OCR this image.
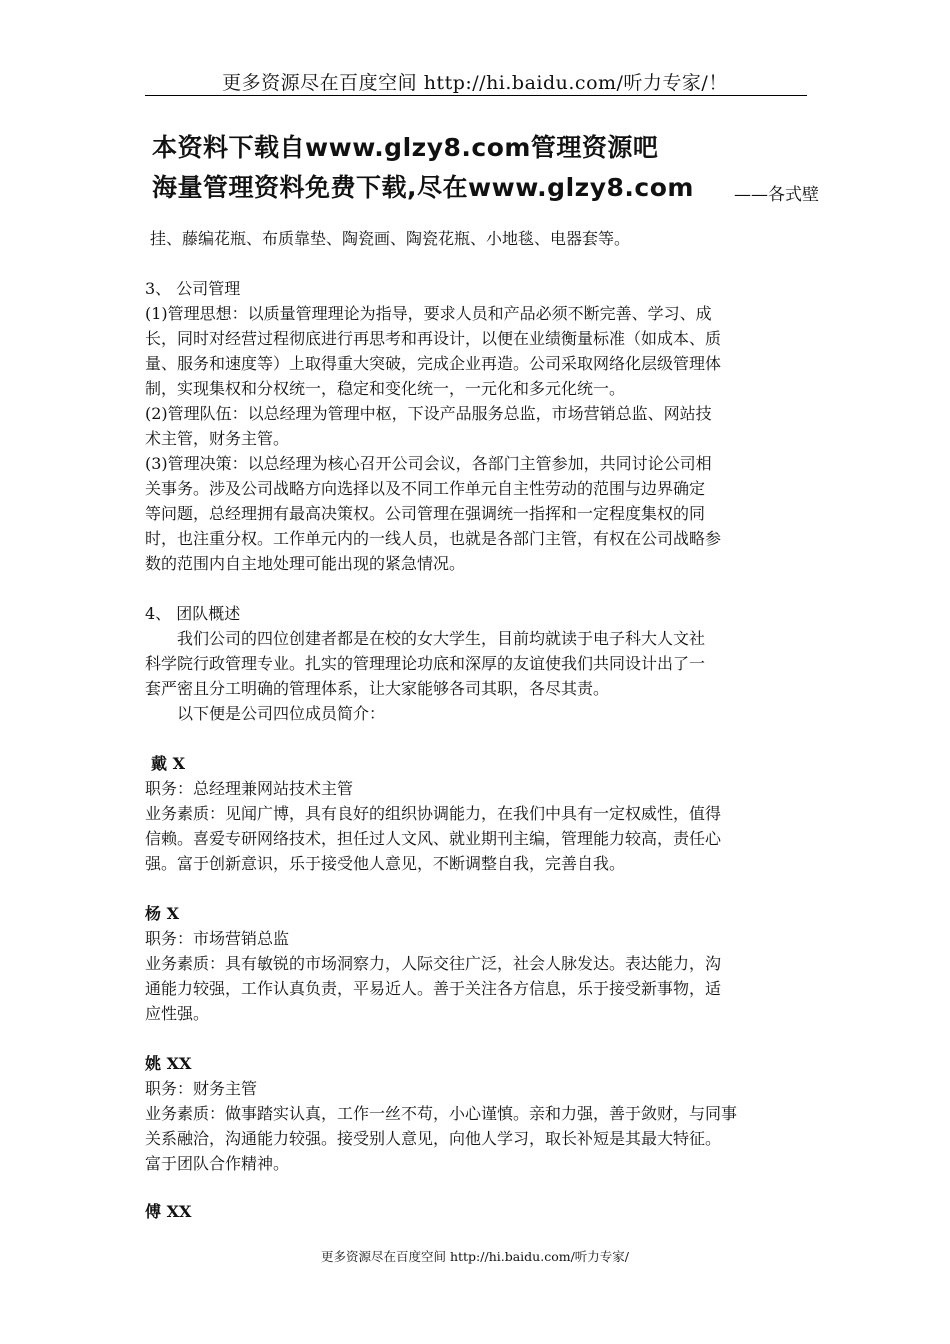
更多资源尽在百度空间 http://hi.baidu.com/听力专家/！
本资料下载自www.glzy8.com管理资源吧
海量管理资料免费下载,尽在www.glzy8.com ——各式壁
挂、藤编花瓶、布质靠垫、陶瓷画、陶瓷花瓶、小地毯、电器套等。
3、 公司管理
(1)管理思想：以质量管理理论为指导，要求人员和产品必须不断完善、学习、成
长，同时对经营过程彻底进行再思考和再设计，以便在业绩衡量标准（如成本、质
量、服务和速度等）上取得重大突破，完成企业再造。公司采取网络化层级管理体
制，实现集权和分权统一，稳定和变化统一，一元化和多元化统一。
(2)管理队伍：以总经理为管理中枢，下设产品服务总监，市场营销总监、网站技
术主管，财务主管。
(3)管理决策：以总经理为核心召开公司会议，各部门主管参加，共同讨论公司相
关事务。涉及公司战略方向选择以及不同工作单元自主性劳动的范围与边界确定
等问题，总经理拥有最高决策权。公司管理在强调统一指挥和一定程度集权的同
时，也注重分权。工作单元内的一线人员，也就是各部门主管，有权在公司战略参
数的范围内自主地处理可能出现的紧急情况。
4、 团队概述
我们公司的四位创建者都是在校的女大学生，目前均就读于电子科大人文社
科学院行政管理专业。扎实的管理理论功底和深厚的友谊使我们共同设计出了一
套严密且分工明确的管理体系，让大家能够各司其职，各尽其责。
以下便是公司四位成员简介：
戴 X
职务：总经理兼网站技术主管
业务素质：见闻广博，具有良好的组织协调能力，在我们中具有一定权威性，值得
信赖。喜爱专研网络技术，担任过人文风、就业期刊主编，管理能力较高，责任心
强。富于创新意识，乐于接受他人意见，不断调整自我，完善自我。
杨 X
职务：市场营销总监
业务素质：具有敏锐的市场洞察力，人际交往广泛，社会人脉发达。表达能力，沟
通能力较强，工作认真负责，平易近人。善于关注各方信息，乐于接受新事物，适
应性强。
姚 XX
职务：财务主管
业务素质：做事踏实认真，工作一丝不苟，小心谨慎。亲和力强，善于敛财，与同事
关系融洽，沟通能力较强。接受别人意见，向他人学习，取长补短是其最大特征。
富于团队合作精神。
傅 XX
更多资源尽在百度空间 http://hi.baidu.com/听力专家/
